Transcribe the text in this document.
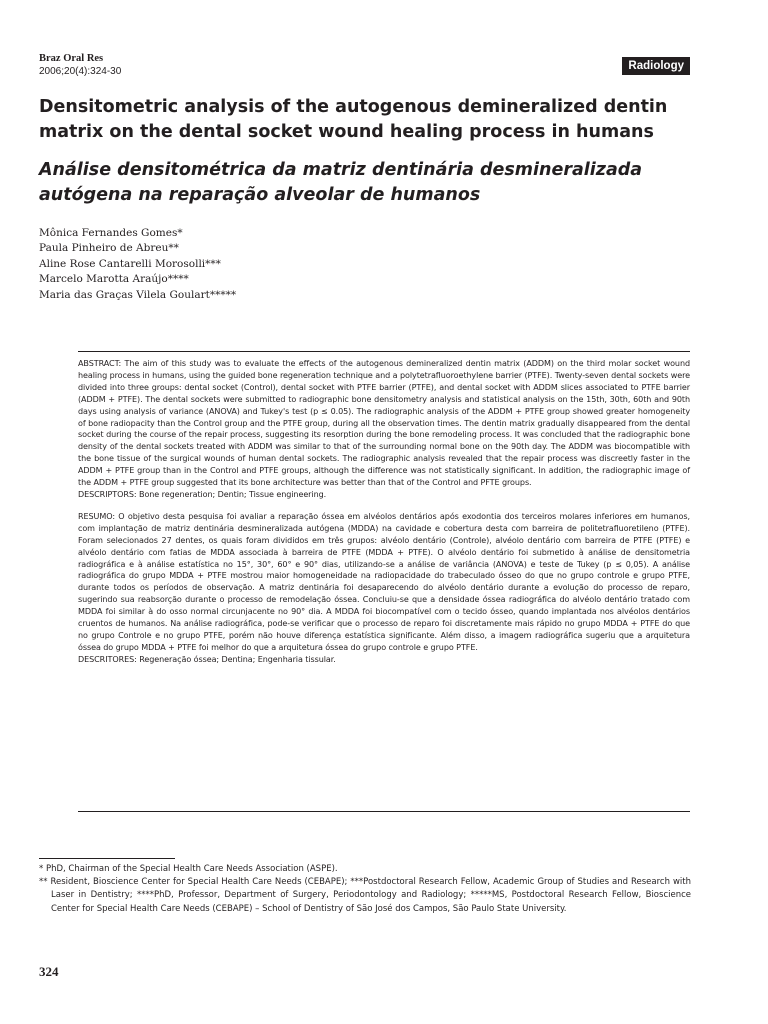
Braz Oral Res
2006;20(4):324-30	Radiology
Densitometric analysis of the autogenous demineralized dentin matrix on the dental socket wound healing process in humans
Análise densitométrica da matriz dentinária desmineralizada autógena na reparação alveolar de humanos
Mônica Fernandes Gomes*
Paula Pinheiro de Abreu**
Aline Rose Cantarelli Morosolli***
Marcelo Marotta Araújo****
Maria das Graças Vilela Goulart*****

ABSTRACT: The aim of this study was to evaluate the effects of the autogenous demineralized dentin matrix (ADDM) on the third molar socket wound healing process in humans, using the guided bone regeneration technique and a polytetrafluoroethylene barrier (PTFE). Twenty-seven dental sockets were divided into three groups: dental socket (Control), dental socket with PTFE barrier (PTFE), and dental socket with ADDM slices associated to PTFE barrier (ADDM + PTFE). The dental sockets were submitted to radiographic bone densitometry analysis and statistical analysis on the 15th, 30th, 60th and 90th days using analysis of variance (ANOVA) and Tukey's test (p ≤ 0.05). The radiographic analysis of the ADDM + PTFE group showed greater homogeneity of bone radiopacity than the Control group and the PTFE group, during all the observation times. The dentin matrix gradually disappeared from the dental socket during the course of the repair process, suggesting its resorption during the bone remodeling process. It was concluded that the radiographic bone density of the dental sockets treated with ADDM was similar to that of the surrounding normal bone on the 90th day. The ADDM was biocompatible with the bone tissue of the surgical wounds of human dental sockets. The radiographic analysis revealed that the repair process was discreetly faster in the ADDM + PTFE group than in the Control and PTFE groups, although the difference was not statistically significant. In addition, the radiographic image of the ADDM + PTFE group suggested that its bone architecture was better than that of the Control and PFTE groups.

DESCRIPTORS: Bone regeneration; Dentin; Tissue engineering.

RESUMO: O objetivo desta pesquisa foi avaliar a reparação óssea em alvéolos dentários após exodontia dos terceiros molares inferiores em humanos, com implantação de matriz dentinária desmineralizada autógena (MDDA) na cavidade e cobertura desta com barreira de politetrafluoretileno (PTFE). Foram selecionados 27 dentes, os quais foram divididos em três grupos: alvéolo dentário (Controle), alvéolo dentário com barreira de PTFE (PTFE) e alvéolo dentário com fatias de MDDA associada à barreira de PTFE (MDDA + PTFE). O alvéolo dentário foi submetido à análise de densitometria radiográfica e à análise estatística no 15°, 30°, 60° e 90° dias, utilizando-se a análise de variância (ANOVA) e teste de Tukey (p ≤ 0,05). A análise radiográfica do grupo MDDA + PTFE mostrou maior homogeneidade na radiopacidade do trabeculado ósseo do que no grupo controle e grupo PTFE, durante todos os períodos de observação. A matriz dentinária foi desaparecendo do alvéolo dentário durante a evolução do processo de reparo, sugerindo sua reabsorção durante o processo de remodelação óssea. Concluiu-se que a densidade óssea radiográfica do alvéolo dentário tratado com MDDA foi similar à do osso normal circunjacente no 90° dia. A MDDA foi biocompatível com o tecido ósseo, quando implantada nos alvéolos dentários cruentos de humanos. Na análise radiográfica, pode-se verificar que o processo de reparo foi discretamente mais rápido no grupo MDDA + PTFE do que no grupo Controle e no grupo PTFE, porém não houve diferença estatística significante. Além disso, a imagem radiográfica sugeriu que a arquitetura óssea do grupo MDDA + PTFE foi melhor do que a arquitetura óssea do grupo controle e grupo PTFE.

DESCRITORES: Regeneração óssea; Dentina; Engenharia tissular.

* PhD, Chairman of the Special Health Care Needs Association (ASPE).

** Resident, Bioscience Center for Special Health Care Needs (CEBAPE); ***Postdoctoral Research Fellow, Academic Group of Studies and Research with Laser in Dentistry; ****PhD, Professor, Department of Surgery, Periodontology and Radiology; *****MS, Postdoctoral Research Fellow, Bioscience Center for Special Health Care Needs (CEBAPE) – School of Dentistry of São José dos Campos, São Paulo State University.

324
